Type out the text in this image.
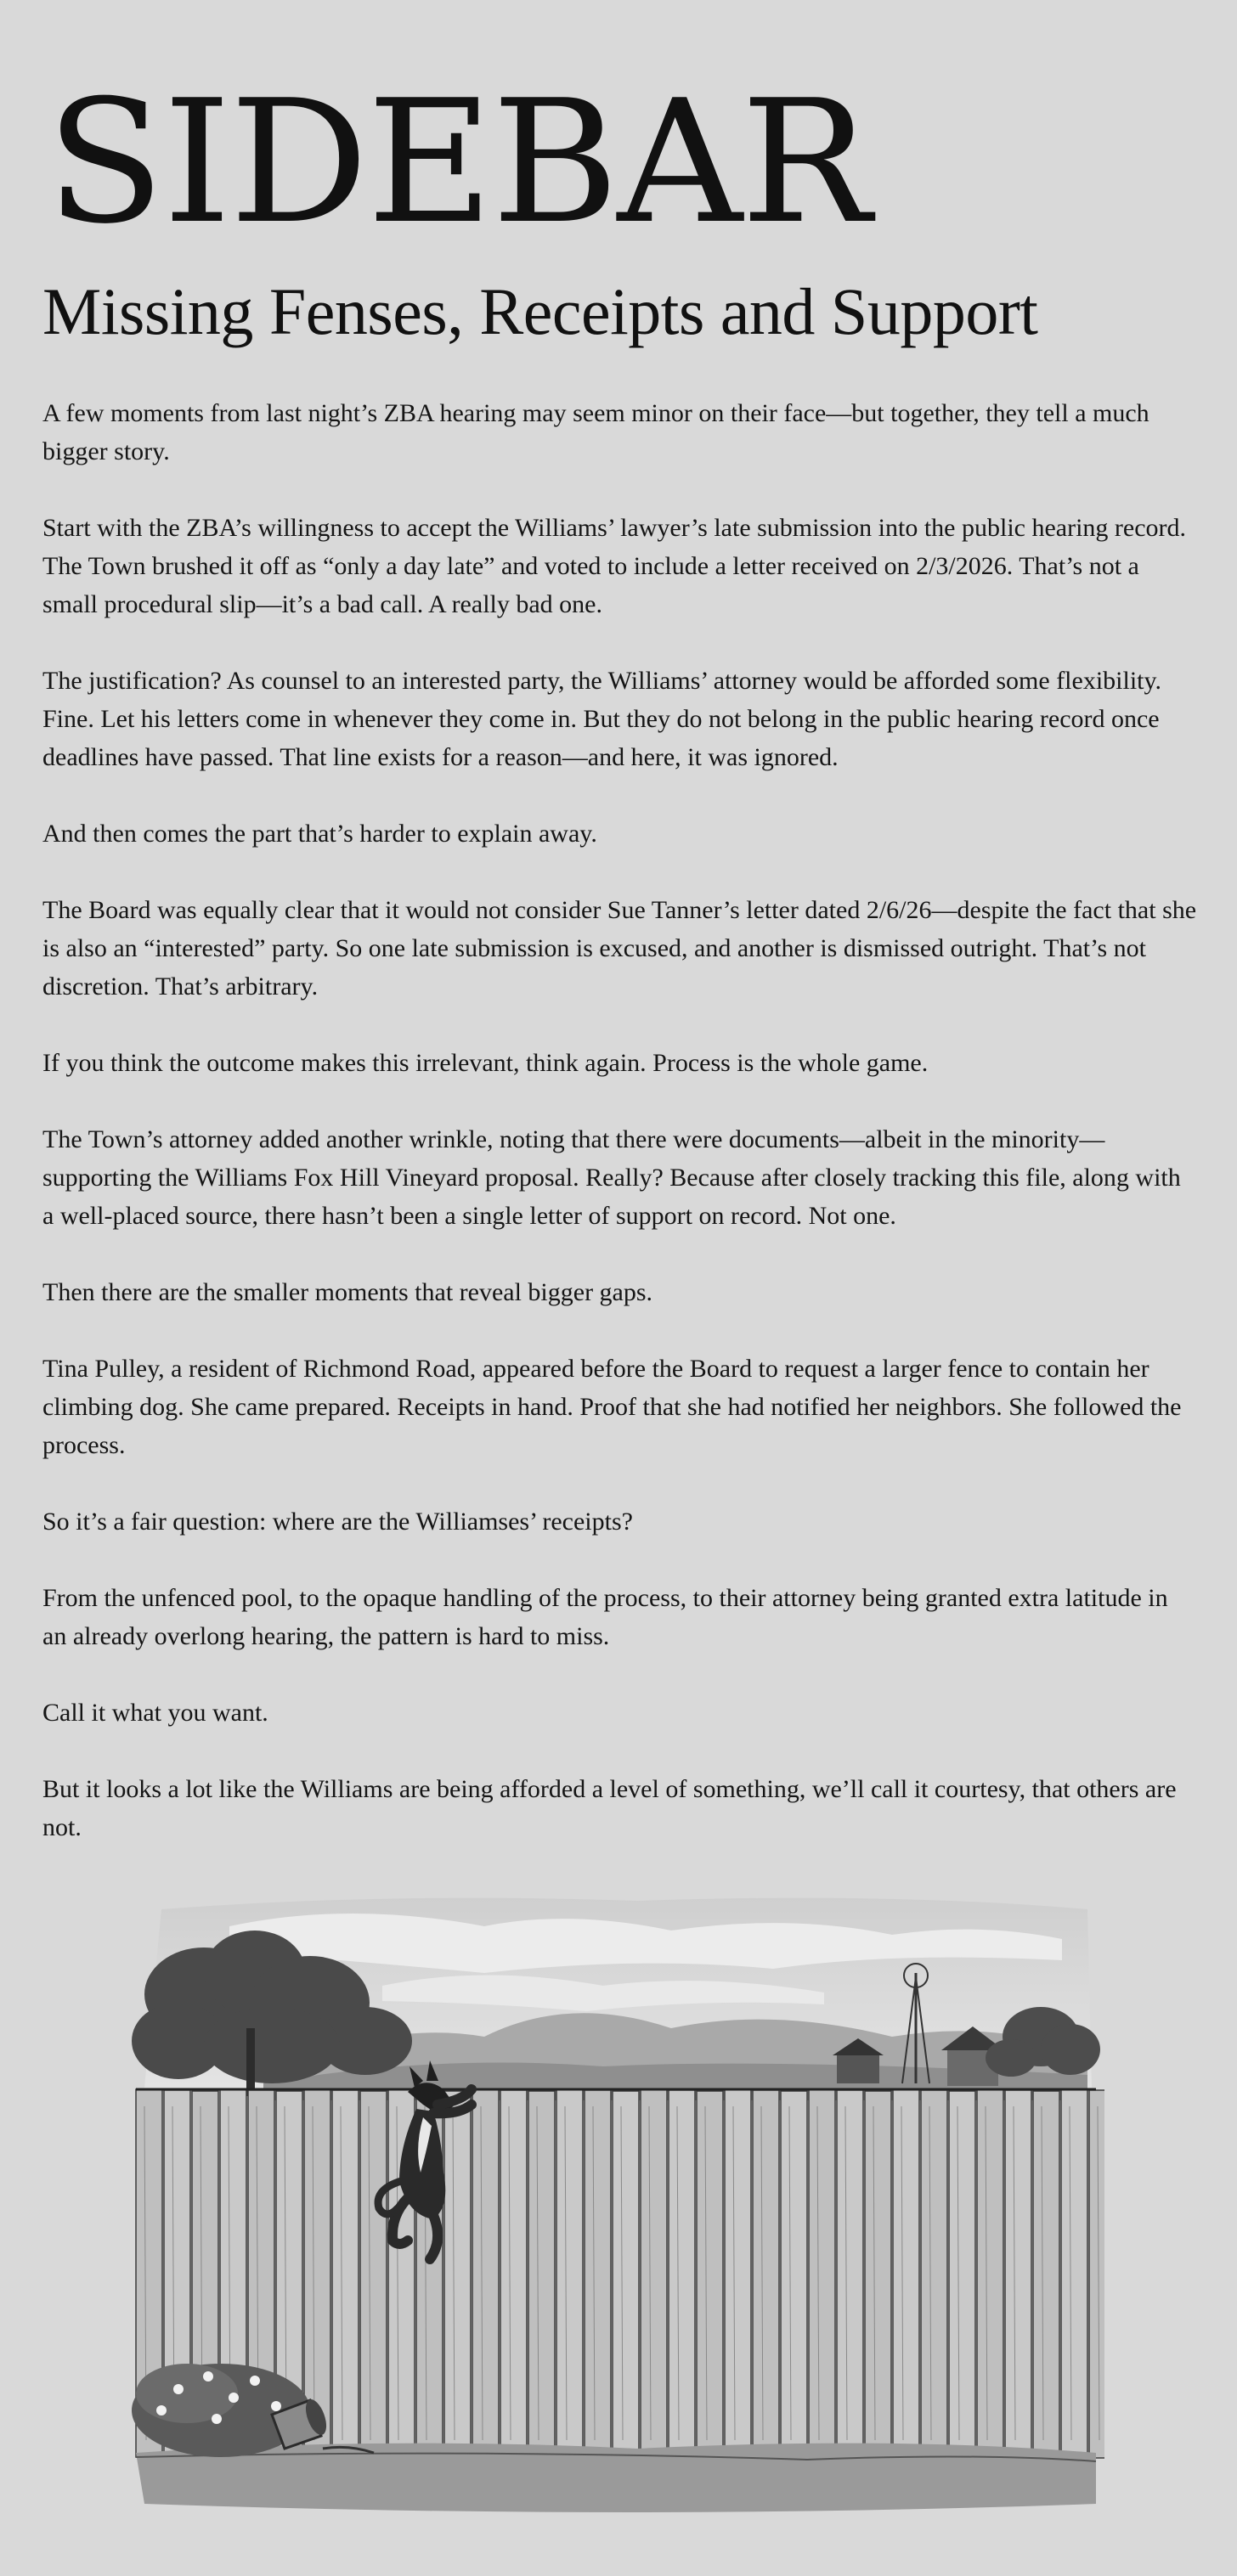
SIDEBAR
Missing Fenses, Receipts and Support

A few moments from last night’s ZBA hearing may seem minor on their face—but together, they tell a much bigger story.

Start with the ZBA’s willingness to accept the Williams’ lawyer’s late submission into the public hearing record. The Town brushed it off as “only a day late” and voted to include a letter received on 2/3/2026. That’s not a small procedural slip—it’s a bad call. A really bad one.

The justification? As counsel to an interested party, the Williams’ attorney would be afforded some flexibility. Fine. Let his letters come in whenever they come in. But they do not belong in the public hearing record once deadlines have passed. That line exists for a reason—and here, it was ignored.

And then comes the part that’s harder to explain away.

The Board was equally clear that it would not consider Sue Tanner’s letter dated 2/6/26—despite the fact that she is also an “interested” party. So one late submission is excused, and another is dismissed outright. That’s not discretion. That’s arbitrary.

If you think the outcome makes this irrelevant, think again. Process is the whole game.

The Town’s attorney added another wrinkle, noting that there were documents—albeit in the minority—supporting the Williams Fox Hill Vineyard proposal. Really? Because after closely tracking this file, along with a well-placed source, there hasn’t been a single letter of support on record. Not one.

Then there are the smaller moments that reveal bigger gaps.

Tina Pulley, a resident of Richmond Road, appeared before the Board to request a larger fence to contain her climbing dog. She came prepared. Receipts in hand. Proof that she had notified her neighbors. She followed the process.

So it’s a fair question: where are the Williamses’ receipts?

From the unfenced pool, to the opaque handling of the process, to their attorney being granted extra latitude in an already overlong hearing, the pattern is hard to miss.

Call it what you want.

But it looks a lot like the Williams are being afforded a level of something, we’ll call it courtesy, that others are not.
